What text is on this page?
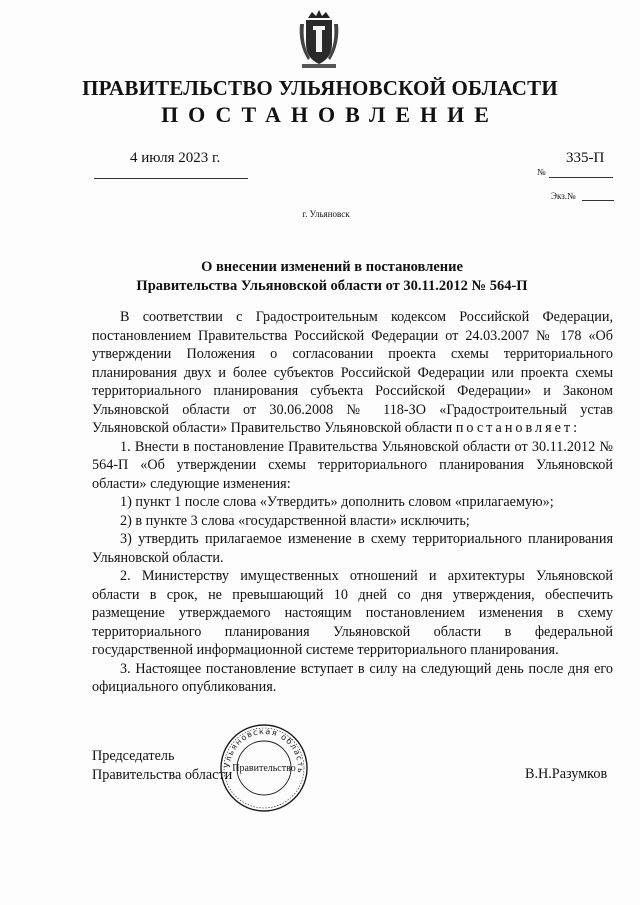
ПРАВИТЕЛЬСТВО УЛЬЯНОВСКОЙ ОБЛАСТИ
ПОСТАНОВЛЕНИЕ
4 июля 2023 г.	335-П
№
Экз.№
г. Ульяновск
О внесении изменений в постановление
Правительства Ульяновской области от 30.11.2012 № 564-П

В соответствии с Градостроительным кодексом Российской Федерации, постановлением Правительства Российской Федерации от 24.03.2007 № 178 «Об утверждении Положения о согласовании проекта схемы территориального планирования двух и более субъектов Российской Федерации или проекта схемы территориального планирования субъекта Российской Федерации» и Законом Ульяновской области от 30.06.2008 № 118-ЗО «Градостроительный устав Ульяновской области» Правительство Ульяновской области постановляет:

1. Внести в постановление Правительства Ульяновской области от 30.11.2012 № 564-П «Об утверждении схемы территориального планирования Ульяновской области» следующие изменения:

1) пункт 1 после слова «Утвердить» дополнить словом «прилагаемую»;

2) в пункте 3 слова «государственной власти» исключить;

3) утвердить прилагаемое изменение в схему территориального планирования Ульяновской области.

2. Министерству имущественных отношений и архитектуры Ульяновской области в срок, не превышающий 10 дней со дня утверждения, обеспечить размещение утверждаемого настоящим постановлением изменения в схему территориального планирования Ульяновской области в федеральной государственной информационной системе территориального планирования.

3. Настоящее постановление вступает в силу на следующий день после дня его официального опубликования.

Председатель
Правительства области	В.Н.Разумков
Ульяновская область
Правительство
